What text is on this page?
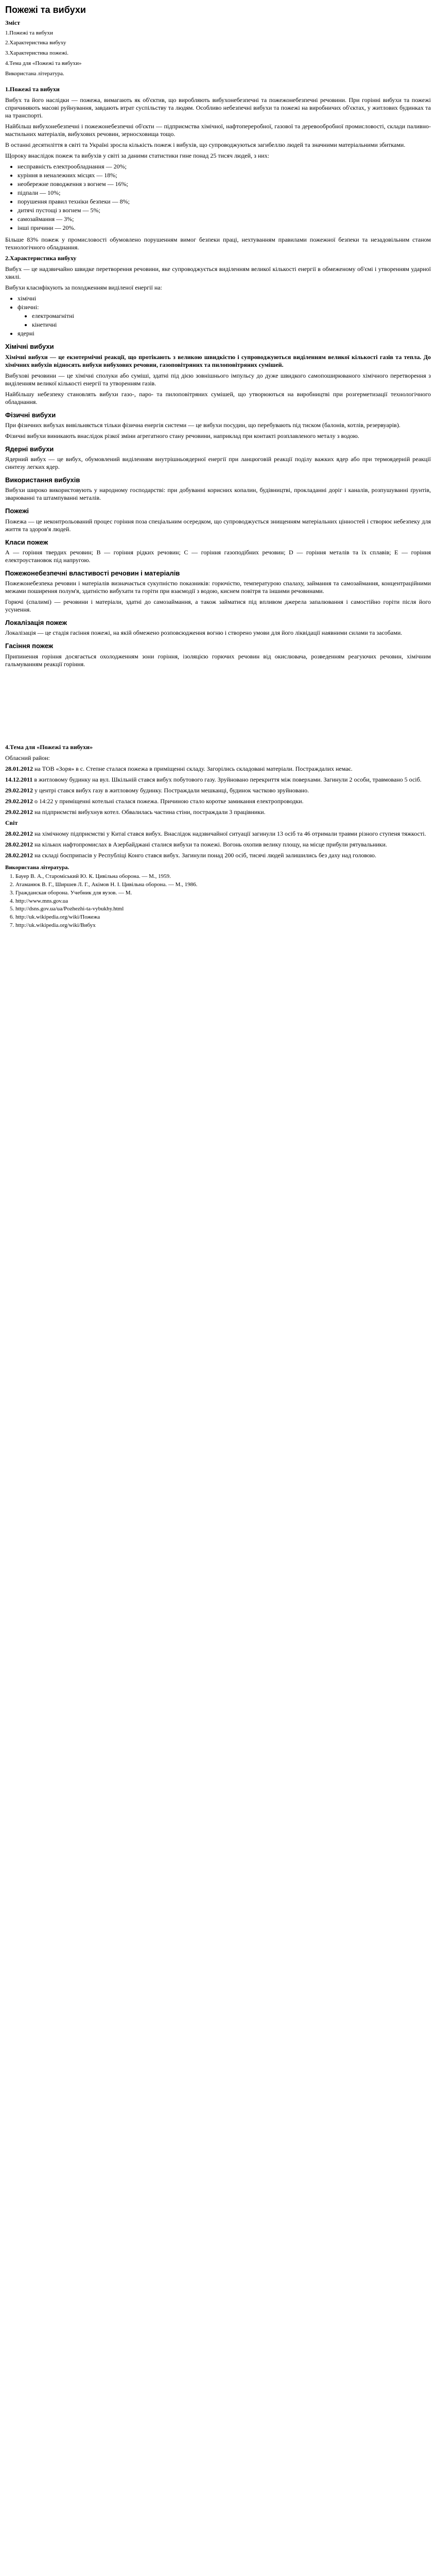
Пожежі та вибухи
Зміст
1.Пожежі та вибухи
2.Характеристика вибуху
3.Характеристика пожежі.
4.Тема для «Пожежі та вибухи»
Використана література.
1.Пожежі та вибухи
Вибух та його наслідки — пожежа, вимагають як об'єктив, що виробляють вибухонебезпечні та пожежонебезпечні речовини. При горінні вибухи та пожежі спричиняють масові руйнування, завдають втрат суспільству та людям. Особливо небезпечні вибухи та пожежі на виробничих об'єктах, у житлових будинках та на транспорті.
Найбільш вибухонебезпечні і пожежонебезпечні об'єкти — підприємства хімічної, нафтопереробної, газової та деревообробної промисловості, склади паливно-мастильних матеріалів, вибухових речовин, зерносховища тощо.
В останні десятиліття в світі та Україні зросла кількість пожеж і вибухів, що супроводжуються загибеллю людей та значними матеріальними збитками.
Щороку внаслідок пожеж та вибухів у світі за даними статистики гине понад 25 тисяч людей, з них:
• несправність електрообладнання — 20%;
• куріння в неналежних місцях — 18%;
• необережне поводження з вогнем — 16%;
• підпали — 10%;
• порушення правил техніки безпеки — 8%;
• дитячі пустощі з вогнем — 5%;
• самозаймання — 3%;
• інші причини — 20%.
Більше 83% пожеж у промисловості обумовлено порушенням вимог безпеки праці, нехтуванням правилами пожежної безпеки та незадовільним станом технологічного обладнання.
2.Характеристика вибуху
Вибух — це надзвичайно швидке перетворення речовини, яке супроводжується виділенням великої кількості енергії в обмеженому об'ємі і утворенням ударної хвилі.
Вибухи класифікують за походженням виділеної енергії на:
• хімічні
• фізичні:
• електромагнітні
• кінетичні
• ядерні
Хімічні вибухи
Хімічні вибухи — це екзотермічні реакції, що протікають з великою швидкістю і супроводжуються виділенням великої кількості газів та тепла. До хімічних вибухів відносять вибухи вибухових речовин, газоповітряних та пилоповітряних сумішей.
Вибухові речовини — це хімічні сполуки або суміші, здатні під дією зовнішнього імпульсу до дуже швидкого самопоширюваного хімічного перетворення з виділенням великої кількості енергії та утворенням газів.
Найбільшу небезпеку становлять вибухи газо-, паро- та пилоповітряних сумішей, що утворюються на виробництві при розгерметизації технологічного обладнання.
Фізичні вибухи
При фізичних вибухах вивільняється тільки фізична енергія системи — це вибухи посудин, що перебувають під тиском (балонів, котлів, резервуарів).
Фізичні вибухи виникають внаслідок різкої зміни агрегатного стану речовини, наприклад при контакті розплавленого металу з водою.
Ядерні вибухи
Ядерний вибух — це вибух, обумовлений виділенням внутрішньоядерної енергії при ланцюговій реакції поділу важких ядер або при термоядерній реакції синтезу легких ядер.
Використання вибухів
Вибухи широко використовують у народному господарстві: при добуванні корисних копалин, будівництві, прокладанні доріг і каналів, розпушуванні ґрунтів, зварюванні та штампуванні металів.
Пожежі
Пожежа — це неконтрольований процес горіння поза спеціальним осередком, що супроводжується знищенням матеріальних цінностей і створює небезпеку для життя та здоров'я людей.
Класи пожеж
А — горіння твердих речовин; В — горіння рідких речовин; С — горіння газоподібних речовин; D — горіння металів та їх сплавів; Е — горіння електроустановок під напругою.
Пожежонебезпечні властивості речовин і матеріалів
Пожежонебезпека речовин і матеріалів визначається сукупністю показників: горючістю, температурою спалаху, займання та самозаймання, концентраційними межами поширення полум'я, здатністю вибухати та горіти при взаємодії з водою, киснем повітря та іншими речовинами.
Горючі (спалимі) — речовини і матеріали, здатні до самозаймання, а також займатися під впливом джерела запалювання і самостійно горіти після його усунення.
Локалізація пожеж
Локалізація — це стадія гасіння пожежі, на якій обмежено розповсюдження вогню і створено умови для його ліквідації наявними силами та засобами.
Гасіння пожеж
Припинення горіння досягається охолодженням зони горіння, ізоляцією горючих речовин від окислювача, розведенням реагуючих речовин, хімічним гальмуванням реакції горіння.
4.Тема для «Пожежі та вибухи»
Обласний район:
28.01.2012 на ТОВ «Зоря» в с. Степне сталася пожежа в приміщенні складу. Загорілись складовані матеріали. Постраждалих немає.
14.12.2011 в житловому будинку на вул. Шкільній стався вибух побутового газу. Зруйновано перекриття між поверхами. Загинули 2 особи, травмовано 5 осіб.
29.02.2012 у центрі стався вибух газу в житловому будинку. Постраждали мешканці, будинок частково зруйновано.
29.02.2012 о 14:22 у приміщенні котельні сталася пожежа. Причиною стало коротке замикання електропроводки.
29.02.2012 на підприємстві вибухнув котел. Обвалилась частина стіни, постраждали 3 працівники.
Світ
28.02.2012 на хімічному підприємстві у Китаї стався вибух. Внаслідок надзвичайної ситуації загинули 13 осіб та 46 отримали травми різного ступеня тяжкості.
28.02.2012 на кількох нафтопромислах в Азербайджані сталися вибухи та пожежі. Вогонь охопив велику площу, на місце прибули рятувальники.
28.02.2012 на складі боєприпасів у Республіці Конго стався вибух. Загинули понад 200 осіб, тисячі людей залишились без даху над головою.
Використана література.
1. Бауер В. А., Староміський Ю. К. Цивільна оборона. — М., 1959.
2. Атаманюк В. Г., Ширшев Л. Г., Акімов Н. І. Цивільна оборона. — М., 1986.
3. Гражданская оборона. Учебник для вузов. — М.
4. http://www.mns.gov.ua
5. http://dsns.gov.ua/ua/Pozhezhi-ta-vybukhy.html
6. http://uk.wikipedia.org/wiki/Пожежа
7. http://uk.wikipedia.org/wiki/Вибух
